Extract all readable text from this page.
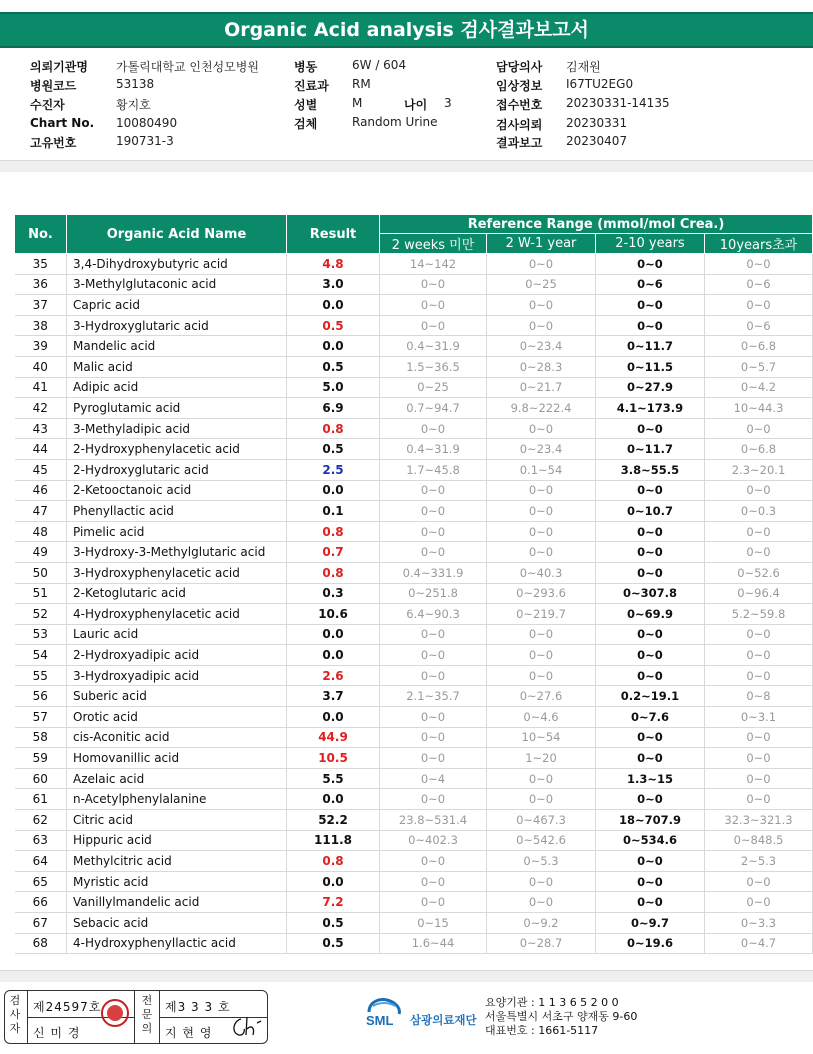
Organic Acid analysis 검사결과보고서
의뢰기관명 가톨릭대학교 인천성모병원
병원코드	53138
수진자	황지호
Chart No. 10080490
고유번호	190731-3
병동	6W / 604
진료과 RM
성별	M	나이 3
검체	Random Urine
담당의사 김재원
임상정보 I67TU2EG0
접수번호 20230331-14135
검사의뢰 20230331
결과보고 20230407
No.	Organic Acid Name	Result	Reference Range (mmol/mol Crea.)			
			2 weeks 미만	2 W-1 year	2-10 years	10years초과
35	3,4-Dihydroxybutyric acid	4.8	14~142	0~0	0~0	0~0
36	3-Methylglutaconic acid	3.0	0~0	0~25	0~6	0~6
37	Capric acid	0.0	0~0	0~0	0~0	0~0
38	3-Hydroxyglutaric acid	0.5	0~0	0~0	0~0	0~6
39	Mandelic acid	0.0	0.4~31.9	0~23.4	0~11.7	0~6.8
40	Malic acid	0.5	1.5~36.5	0~28.3	0~11.5	0~5.7
41	Adipic acid	5.0	0~25	0~21.7	0~27.9	0~4.2
42	Pyroglutamic acid	6.9	0.7~94.7	9.8~222.4	4.1~173.9	10~44.3
43	3-Methyladipic acid	0.8	0~0	0~0	0~0	0~0
44	2-Hydroxyphenylacetic acid	0.5	0.4~31.9	0~23.4	0~11.7	0~6.8
45	2-Hydroxyglutaric acid	2.5	1.7~45.8	0.1~54	3.8~55.5	2.3~20.1
46	2-Ketooctanoic acid	0.0	0~0	0~0	0~0	0~0
47	Phenyllactic acid	0.1	0~0	0~0	0~10.7	0~0.3
48	Pimelic acid	0.8	0~0	0~0	0~0	0~0
49	3-Hydroxy-3-Methylglutaric acid	0.7	0~0	0~0	0~0	0~0
50	3-Hydroxyphenylacetic acid	0.8	0.4~331.9	0~40.3	0~0	0~52.6
51	2-Ketoglutaric acid	0.3	0~251.8	0~293.6	0~307.8	0~96.4
52	4-Hydroxyphenylacetic acid	10.6	6.4~90.3	0~219.7	0~69.9	5.2~59.8
53	Lauric acid	0.0	0~0	0~0	0~0	0~0
54	2-Hydroxyadipic acid	0.0	0~0	0~0	0~0	0~0
55	3-Hydroxyadipic acid	2.6	0~0	0~0	0~0	0~0
56	Suberic acid	3.7	2.1~35.7	0~27.6	0.2~19.1	0~8
57	Orotic acid	0.0	0~0	0~4.6	0~7.6	0~3.1
58	cis-Aconitic acid	44.9	0~0	10~54	0~0	0~0
59	Homovanillic acid	10.5	0~0	1~20	0~0	0~0
60	Azelaic acid	5.5	0~4	0~0	1.3~15	0~0
61	n-Acetylphenylalanine	0.0	0~0	0~0	0~0	0~0
62	Citric acid	52.2	23.8~531.4	0~467.3	18~707.9	32.3~321.3
63	Hippuric acid	111.8	0~402.3	0~542.6	0~534.6	0~848.5
64	Methylcitric acid	0.8	0~0	0~5.3	0~0	2~5.3
65	Myristic acid	0.0	0~0	0~0	0~0	0~0
66	Vanillylmandelic acid	7.2	0~0	0~0	0~0	0~0
67	Sebacic acid	0.5	0~15	0~9.2	0~9.7	0~3.3
68	4-Hydroxyphenyllactic acid	0.5	1.6~44	0~28.7	0~19.6	0~4.7
검
사
자
제24597호
신 미 경
전
문
의
제3 3 3 호
지 현 영
SML 삼광의료재단
요양기관 : 1 1 3 6 5 2 0 0
서울특별시 서초구 양재동 9-60
대표번호 : 1661-5117
